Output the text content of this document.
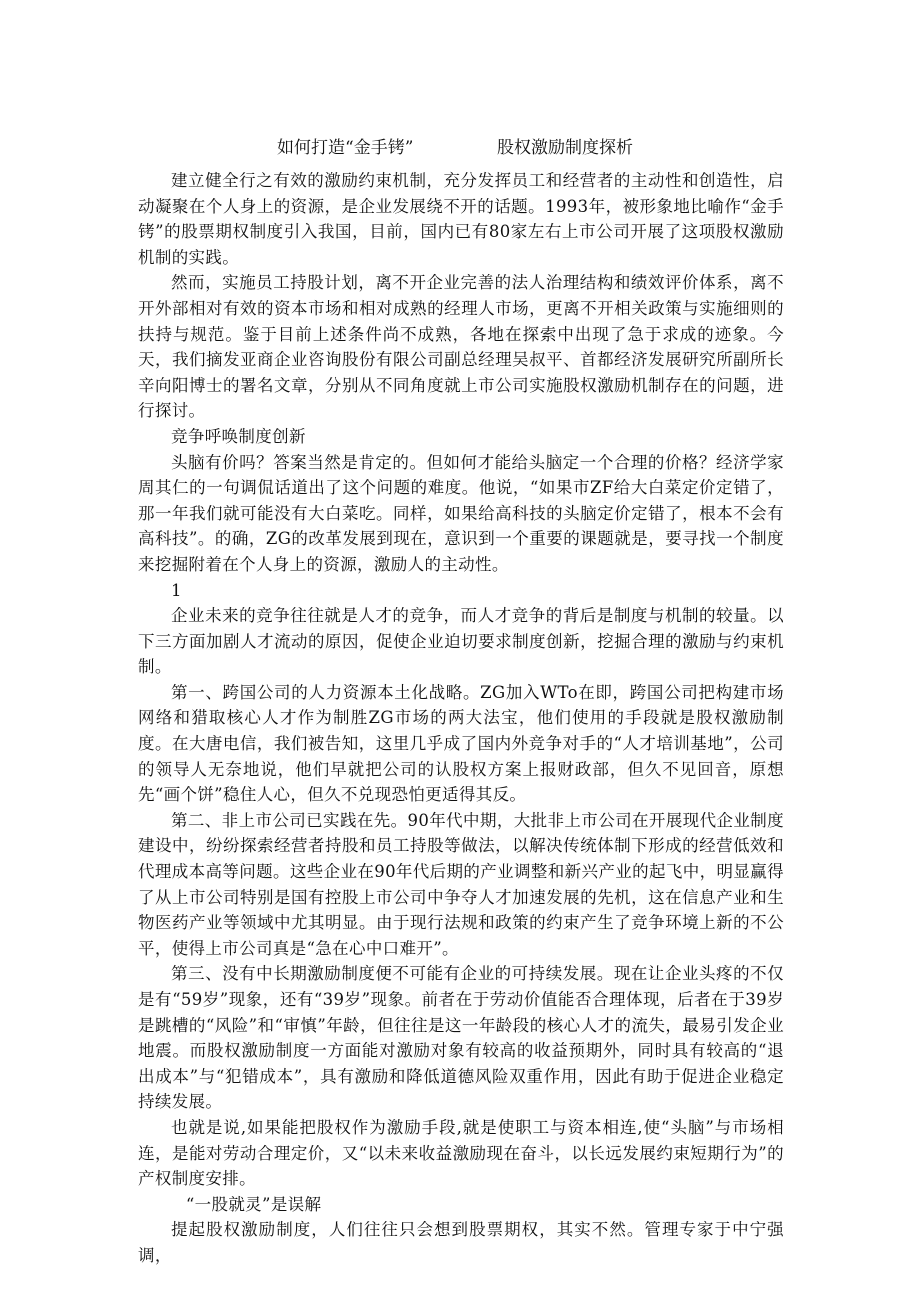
如何打造“金手铐”	股权激励制度探析

建立健全行之有效的激励约束机制，充分发挥员工和经营者的主动性和创造性，启动凝聚在个人身上的资源，是企业发展绕不开的话题。1993年，被形象地比喻作“金手铐”的股票期权制度引入我国，目前，国内已有80家左右上市公司开展了这项股权激励机制的实践。

然而，实施员工持股计划，离不开企业完善的法人治理结构和绩效评价体系，离不开外部相对有效的资本市场和相对成熟的经理人市场，更离不开相关政策与实施细则的扶持与规范。鉴于目前上述条件尚不成熟，各地在探索中出现了急于求成的迹象。今天，我们摘发亚商企业咨询股份有限公司副总经理吴叔平、首都经济发展研究所副所长辛向阳博士的署名文章，分别从不同角度就上市公司实施股权激励机制存在的问题，进行探讨。

竞争呼唤制度创新

头脑有价吗？答案当然是肯定的。但如何才能给头脑定一个合理的价格？经济学家周其仁的一句调侃话道出了这个问题的难度。他说，“如果市ZF给大白菜定价定错了，那一年我们就可能没有大白菜吃。同样，如果给高科技的头脑定价定错了，根本不会有高科技”。的确，ZG的改革发展到现在，意识到一个重要的课题就是，要寻找一个制度来挖掘附着在个人身上的资源，激励人的主动性。

1

企业未来的竞争往往就是人才的竞争，而人才竞争的背后是制度与机制的较量。以下三方面加剧人才流动的原因，促使企业迫切要求制度创新，挖掘合理的激励与约束机制。

第一、跨国公司的人力资源本土化战略。ZG加入WTo在即，跨国公司把构建市场网络和猎取核心人才作为制胜ZG市场的两大法宝，他们使用的手段就是股权激励制度。在大唐电信，我们被告知，这里几乎成了国内外竞争对手的“人才培训基地”，公司的领导人无奈地说，他们早就把公司的认股权方案上报财政部，但久不见回音，原想先“画个饼”稳住人心，但久不兑现恐怕更适得其反。

第二、非上市公司已实践在先。90年代中期，大批非上市公司在开展现代企业制度建设中，纷纷探索经营者持股和员工持股等做法，以解决传统体制下形成的经营低效和代理成本高等问题。这些企业在90年代后期的产业调整和新兴产业的起飞中，明显赢得了从上市公司特别是国有控股上市公司中争夺人才加速发展的先机，这在信息产业和生物医药产业等领域中尤其明显。由于现行法规和政策的约束产生了竞争环境上新的不公平，使得上市公司真是“急在心中口难开”。

第三、没有中长期激励制度便不可能有企业的可持续发展。现在让企业头疼的不仅是有“59岁”现象，还有“39岁”现象。前者在于劳动价值能否合理体现，后者在于39岁是跳槽的“风险”和“审慎”年龄，但往往是这一年龄段的核心人才的流失，最易引发企业地震。而股权激励制度一方面能对激励对象有较高的收益预期外，同时具有较高的“退出成本”与“犯错成本”，具有激励和降低道德风险双重作用，因此有助于促进企业稳定持续发展。

也就是说,如果能把股权作为激励手段,就是使职工与资本相连,使“头脑”与市场相连，是能对劳动合理定价，又“以未来收益激励现在奋斗，以长远发展约束短期行为”的产权制度安排。

“一股就灵”是误解

提起股权激励制度，人们往往只会想到股票期权，其实不然。管理专家于中宁强调，
